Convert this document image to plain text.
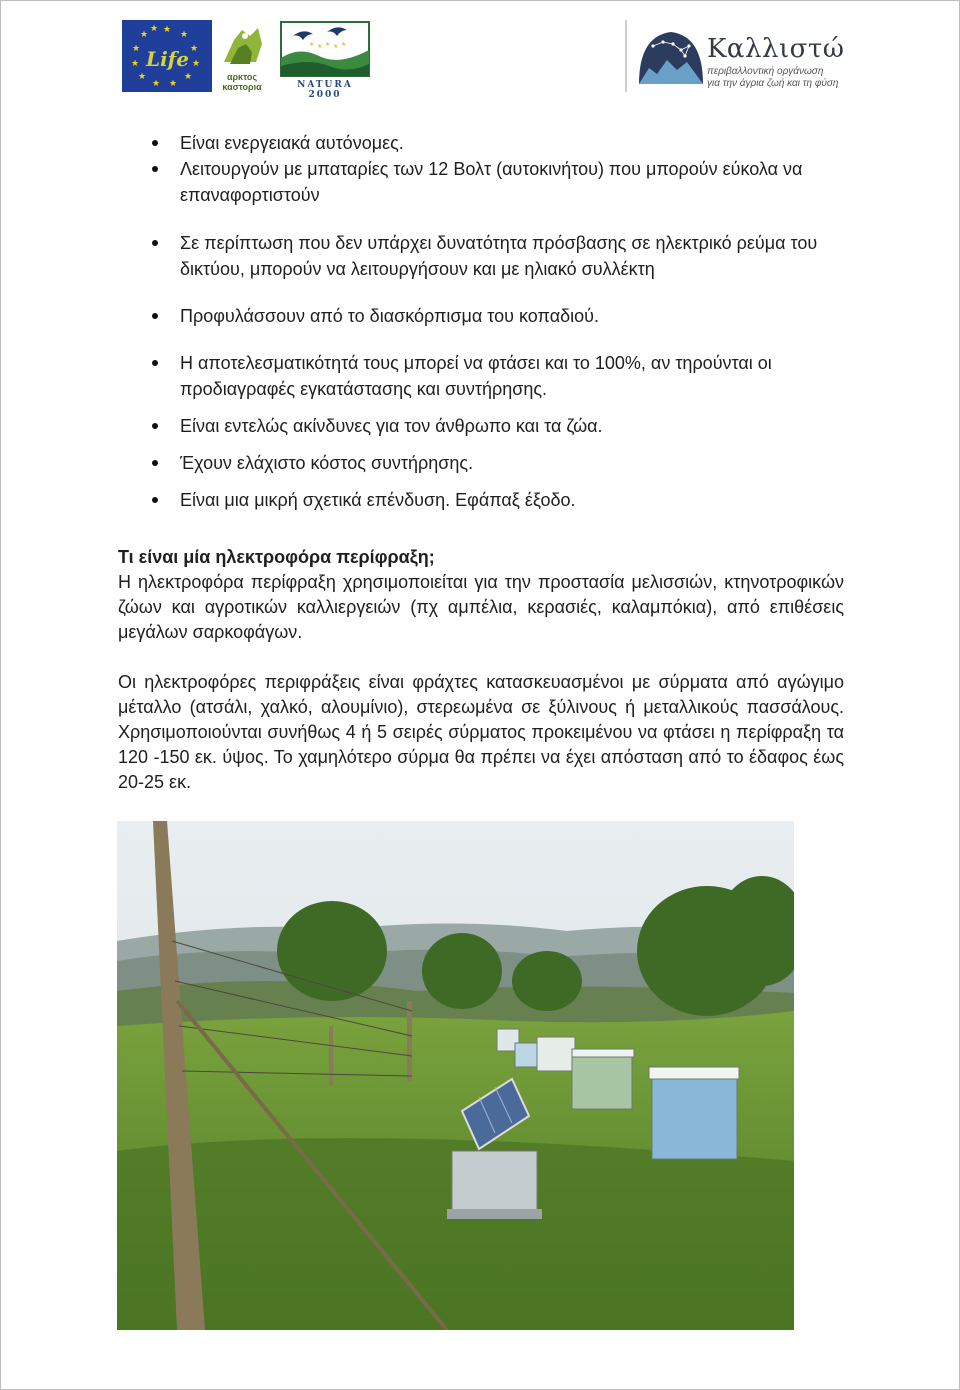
★ ★
★
★
★
★
★
★
★
★
★
★
Life
αρκτος
καστορια
★ ★ ★ ★
★
NATURA 2000
Καλλιστώ
περιβαλλοντική οργάνωση
για την άγρια ζωή και τη φύση
Είναι ενεργειακά αυτόνομες.
Λειτουργούν με μπαταρίες των 12 Βολτ (αυτοκινήτου) που μπορούν εύκολα να επαναφορτιστούν
Σε περίπτωση που δεν υπάρχει δυνατότητα πρόσβασης σε ηλεκτρικό ρεύμα του δικτύου, μπορούν να λειτουργήσουν και με ηλιακό συλλέκτη
Προφυλάσσουν από το διασκόρπισμα του κοπαδιού.
Η αποτελεσματικότητά τους μπορεί να φτάσει και το 100%, αν τηρούνται οι προδιαγραφές εγκατάστασης και συντήρησης.
Είναι εντελώς ακίνδυνες για τον άνθρωπο και τα ζώα.
Έχουν ελάχιστο κόστος συντήρησης.
Είναι μια μικρή σχετικά επένδυση. Εφάπαξ έξοδο.
Τι είναι μία ηλεκτροφόρα περίφραξη;
Η ηλεκτροφόρα περίφραξη χρησιμοποιείται για την προστασία μελισσιών, κτηνοτροφικών ζώων και αγροτικών καλλιεργειών (πχ αμπέλια, κερασιές, καλαμπόκια), από επιθέσεις μεγάλων σαρκοφάγων.
Οι ηλεκτροφόρες περιφράξεις είναι φράχτες κατασκευασμένοι με σύρματα από αγώγιμο μέταλλο (ατσάλι, χαλκό, αλουμίνιο), στερεωμένα σε ξύλινους ή μεταλλικούς πασσάλους. Χρησιμοποιούνται συνήθως 4 ή 5 σειρές σύρματος προκειμένου να φτάσει η περίφραξη τα 120 -150 εκ. ύψος. Το χαμηλότερο σύρμα θα πρέπει να έχει απόσταση από το έδαφος έως 20-25 εκ.
